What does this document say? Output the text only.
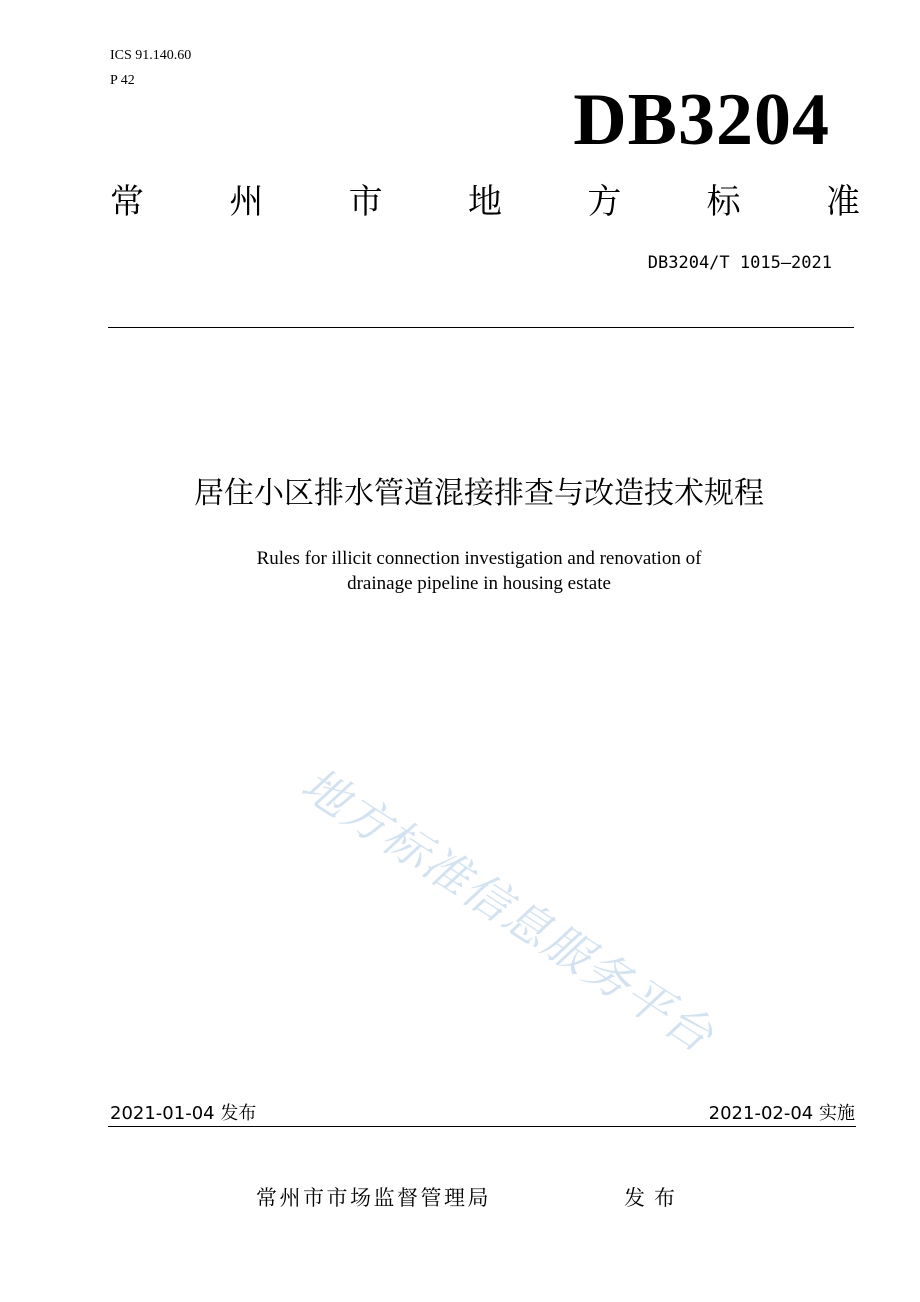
ICS 91.140.60
P 42	DB3204
常	州	市	地	方	标	准
DB3204/T 1015—2021
居住小区排水管道混接排查与改造技术规程
Rules for illicit connection investigation and renovation of
drainage pipeline in housing estate
地方标准信息服务平台
2021-01-04 发布	2021-02-04 实施
常州市市场监督管理局	发布
